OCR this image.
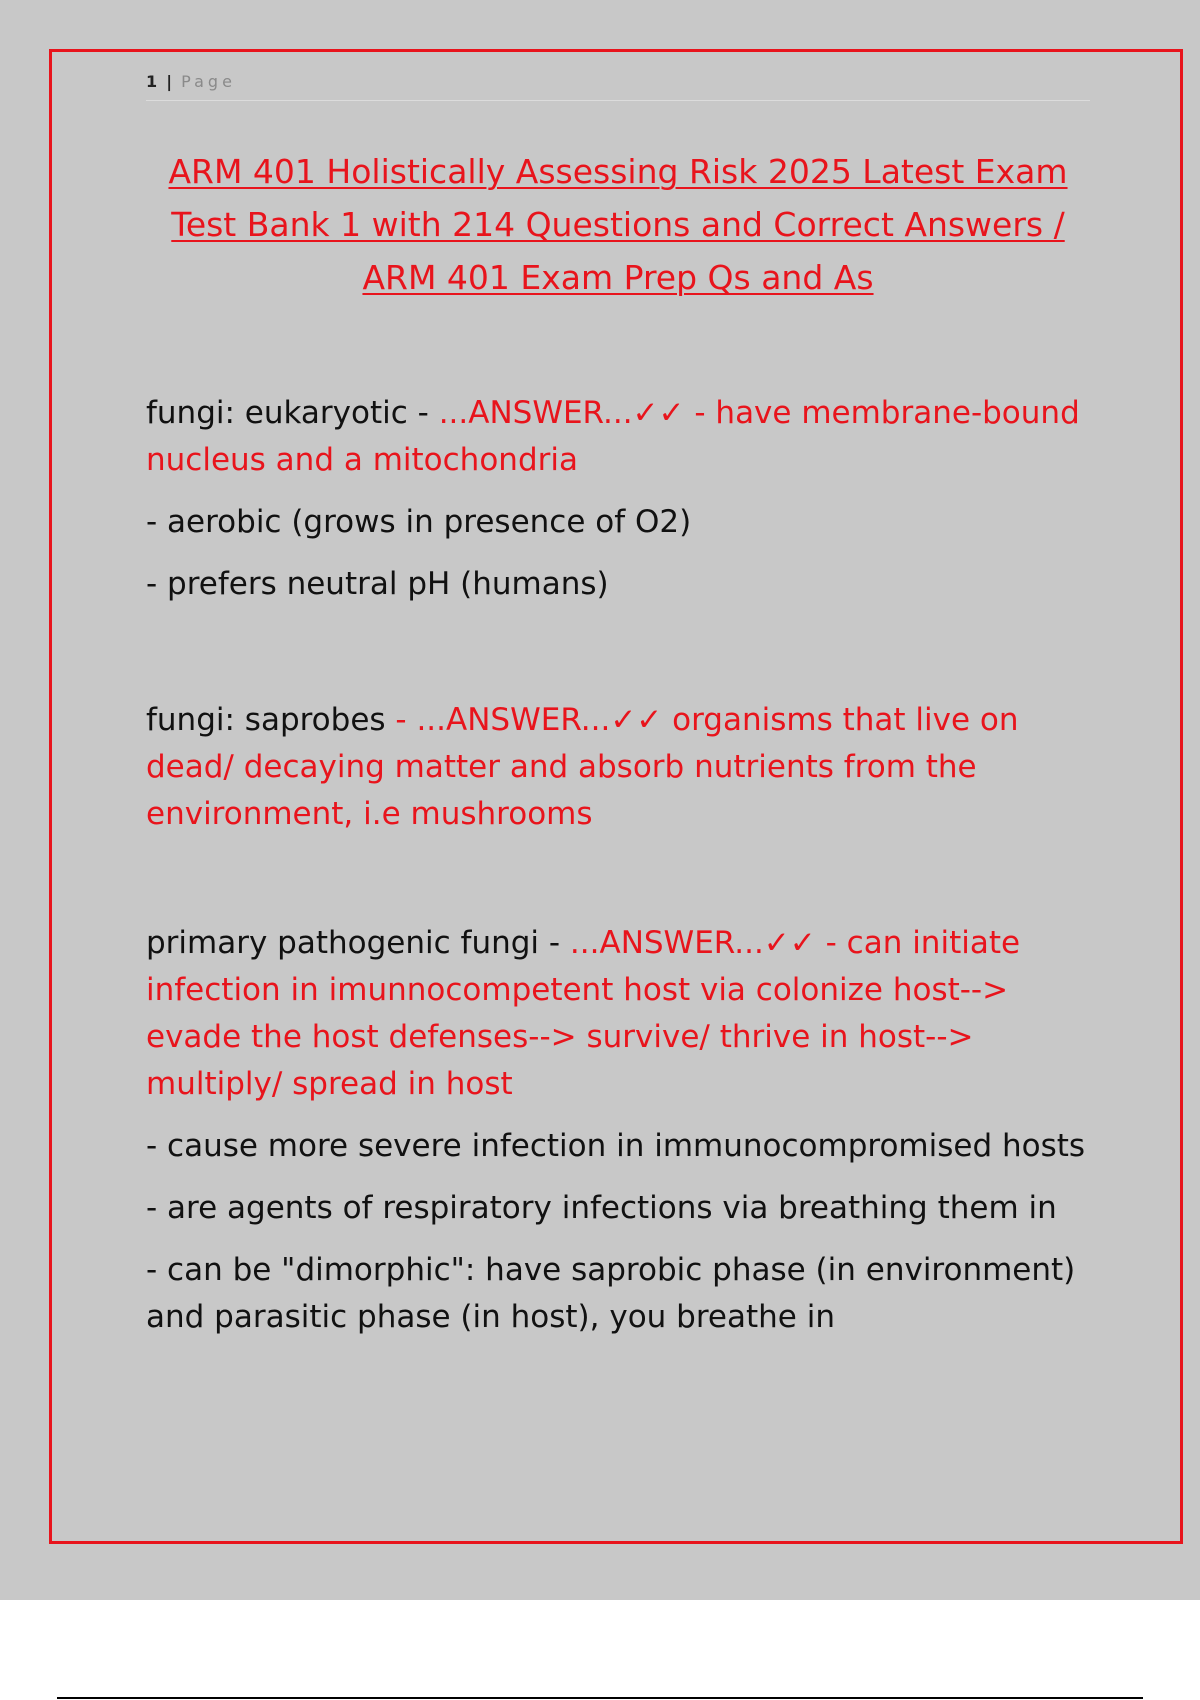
1 | Page
ARM 401 Holistically Assessing Risk 2025 Latest Exam Test Bank 1 with 214 Questions and Correct Answers / ARM 401 Exam Prep Qs and As

fungi: eukaryotic - ...ANSWER...✓✓ - have membrane-bound nucleus and a mitochondria

- aerobic (grows in presence of O2)

- prefers neutral pH (humans)

fungi: saprobes - ...ANSWER...✓✓ organisms that live on dead/ decaying matter and absorb nutrients from the environment, i.e mushrooms

primary pathogenic fungi - ...ANSWER...✓✓ - can initiate infection in imunnocompetent host via colonize host--> evade the host defenses--> survive/ thrive in host--> multiply/ spread in host

- cause more severe infection in immunocompromised hosts

- are agents of respiratory infections via breathing them in

- can be "dimorphic": have saprobic phase (in environment) and parasitic phase (in host), you breathe in
